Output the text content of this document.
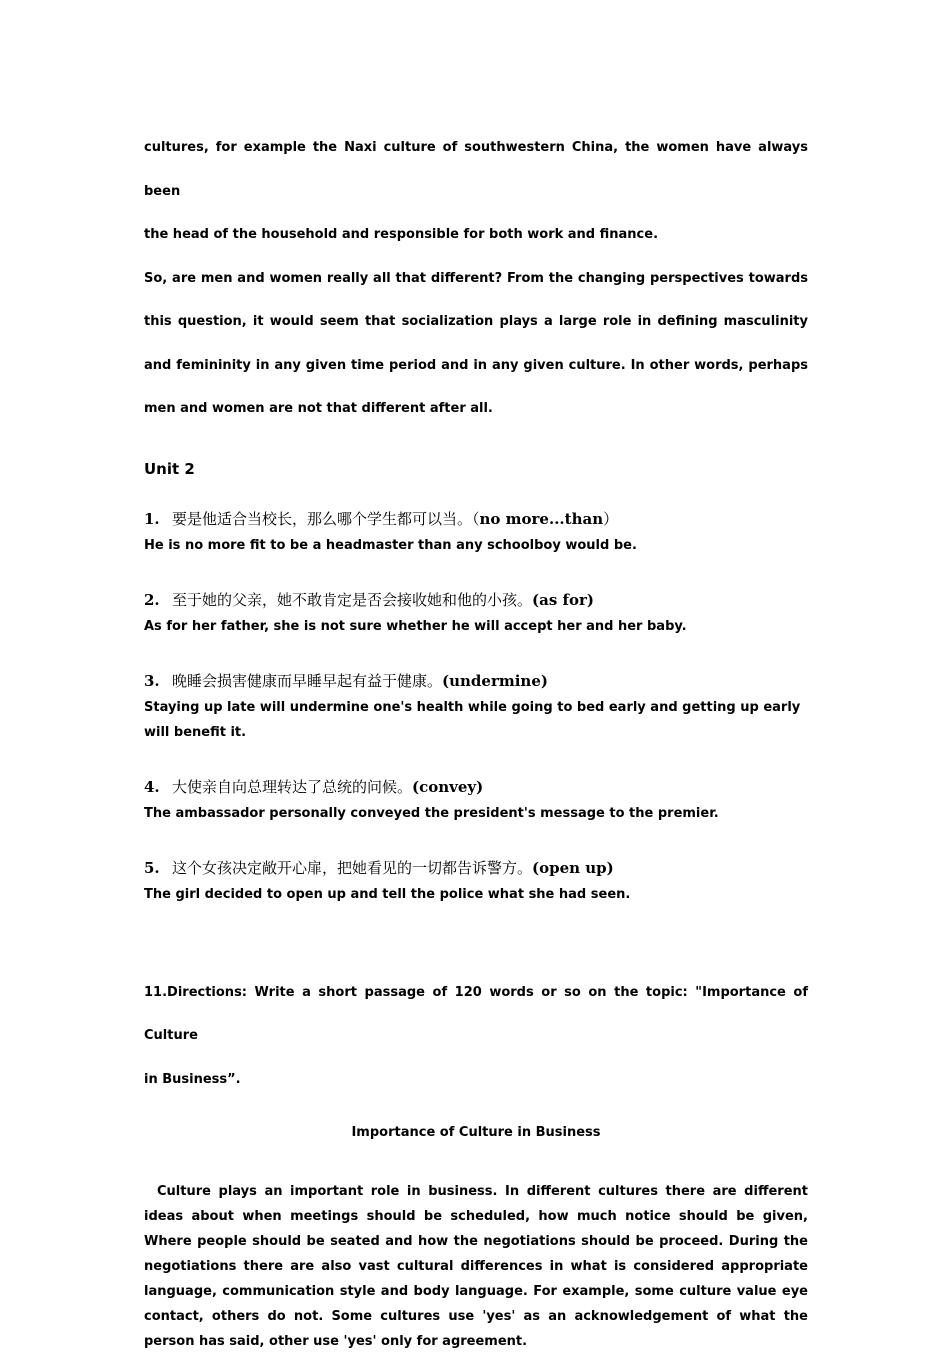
cultures, for example the Naxi culture of southwestern China, the women have always been

the head of the household and responsible for both work and finance.

So, are men and women really all that different? From the changing perspectives towards this question, it would seem that socialization plays a large role in defining masculinity and femininity in any given time period and in any given culture. In other words, perhaps men and women are not that different after all.

Unit 2

1. 要是他适合当校长，那么哪个学生都可以当。（no more...than）

He is no more fit to be a headmaster than any schoolboy would be.

2. 至于她的父亲，她不敢肯定是否会接收她和他的小孩。(as for)

As for her father, she is not sure whether he will accept her and her baby.

3. 晚睡会损害健康而早睡早起有益于健康。(undermine)

Staying up late will undermine one's health while going to bed early and getting up early will benefit it.

4. 大使亲自向总理转达了总统的问候。(convey)

The ambassador personally conveyed the president's message to the premier.

5. 这个女孩决定敞开心扉，把她看见的一切都告诉警方。(open up)

The girl decided to open up and tell the police what she had seen.

11.Directions: Write a short passage of 120 words or so on the topic: "Importance of Culture

in Business”.

Importance of Culture in Business

Culture plays an important role in business. In different cultures there are different ideas about when meetings should be scheduled, how much notice should be given, Where people should be seated and how the negotiations should be proceed. During the negotiations there are also vast cultural differences in what is considered appropriate language, communication style and body language. For example, some culture value eye contact, others do not. Some cultures use 'yes' as an acknowledgement of what the person has said, other use 'yes' only for agreement.
